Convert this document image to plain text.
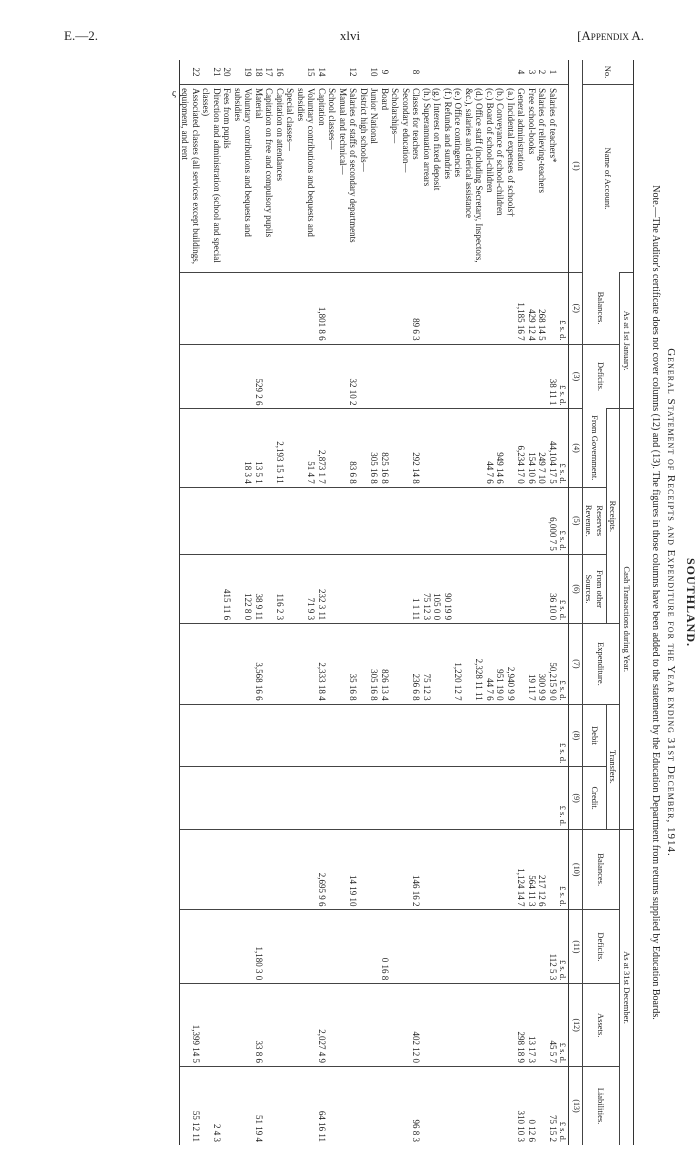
E.—2.	xlvi	[Appendix A.
ς
SOUTHLAND.
General Statement of Receipts and Expenditure for the Year ending 31st December, 1914.
Note.—The Auditor's certificate does not cover columns (12) and (13). The figures in those columns have been added to the statement by the Education Department from returns supplied by Education Boards.
No.	Name of Account.	As at 1st January.		Cash Transactions during Year.						As at 31st December.			
		Balances.	Deficits.	Receipts.			Expenditure.	Transfers.		Balances.	Deficits.	Assets.	Liabilities.
				From Government.	Reserves Revenue.	From other Sources.		Debit	Credit.				
(1)		(2)	(3)	(4)	(5)	(6)	(7)	(8)	(9)	(10)	(11)	(12)	(13)
		£ s. d.	£ s. d.	£ s. d.	£ s. d.	£ s. d.	£ s. d.	£ s. d.	£ s. d.	£ s. d.	£ s. d.	£ s. d.	£ s. d.
1	Salaries of teachers*		38 11 1	44,104 17 5	6,000 7 5	36 10 0	50,215 9 0				112 5 3	45 5 7	75 15 2
2	Salaries of relieving-teachers	268 14 5		249 7 10			300 9 9			217 12 6			
3	Free school-books	429 12 4		154 10 6			19 11 7			564 11 3		13 17 3	0 12 6
4	General administration	1,185 16 7		6,234 17 0						1,124 14 7		298 18 9	310 10 3
	(a.) Incidental expenses of schools†						2,940 9 9						
	(b.) Conveyance of school-children			949 14 6			951 19 0						
	(c.) Board of school-children			44 7 6			44 7 6						
	(d.) Office staff (including Secretary, Inspectors, &c.), salaries and clerical assistance						2,328 11 11						
	(e.) Office contingencies						1,220 12 7						
	(f.) Refunds and sundries					90 19 9							
	(g.) Interest on fixed deposit					105 0 0							
	(h.) Superannuation arrears					75 12 3	75 12 3						
8	Classes for teachers	89 6 3		292 14 8		1 1 11	236 6 8			146 16 2		402 12 0	96 8 3
	Secondary education—												
	Scholarships—												
9	Board			825 16 8			826 13 4				0 16 8		
10	Junior National			305 16 8			305 16 8						
	District high schools—												
12	Salaries of staffs of secondary departments		32 10 2	83 6 8			35 16 8			14 19 10			
	Manual and technical—												
	School classes—												
14	Capitation	1,801 8 6		2,873 1 7		232 3 11	2,333 18 4			2,695 9 6		2,027 4 9	64 16 11
15	Voluntary contributions and bequests and subsidies			51 4 7		71 9 3							
	Special classes—												
16	Capitation on attendances			2,193 15 11		116 2 3							
17	Capitation on free and compulsory pupils												
18	Material		529 2 6	13 5 1		38 9 11	3,568 16 6				1,180 3 0	33 8 6	51 19 4
19	Voluntary contributions and bequests and subsidies			18 3 4		122 8 0							
20	Fees from pupils					415 11 6							
21	Direction and administration (school and special classes)												2 4 3
22	Associated classes (all services except buildings, equipment, and rent											1,399 14 5	55 12 11
